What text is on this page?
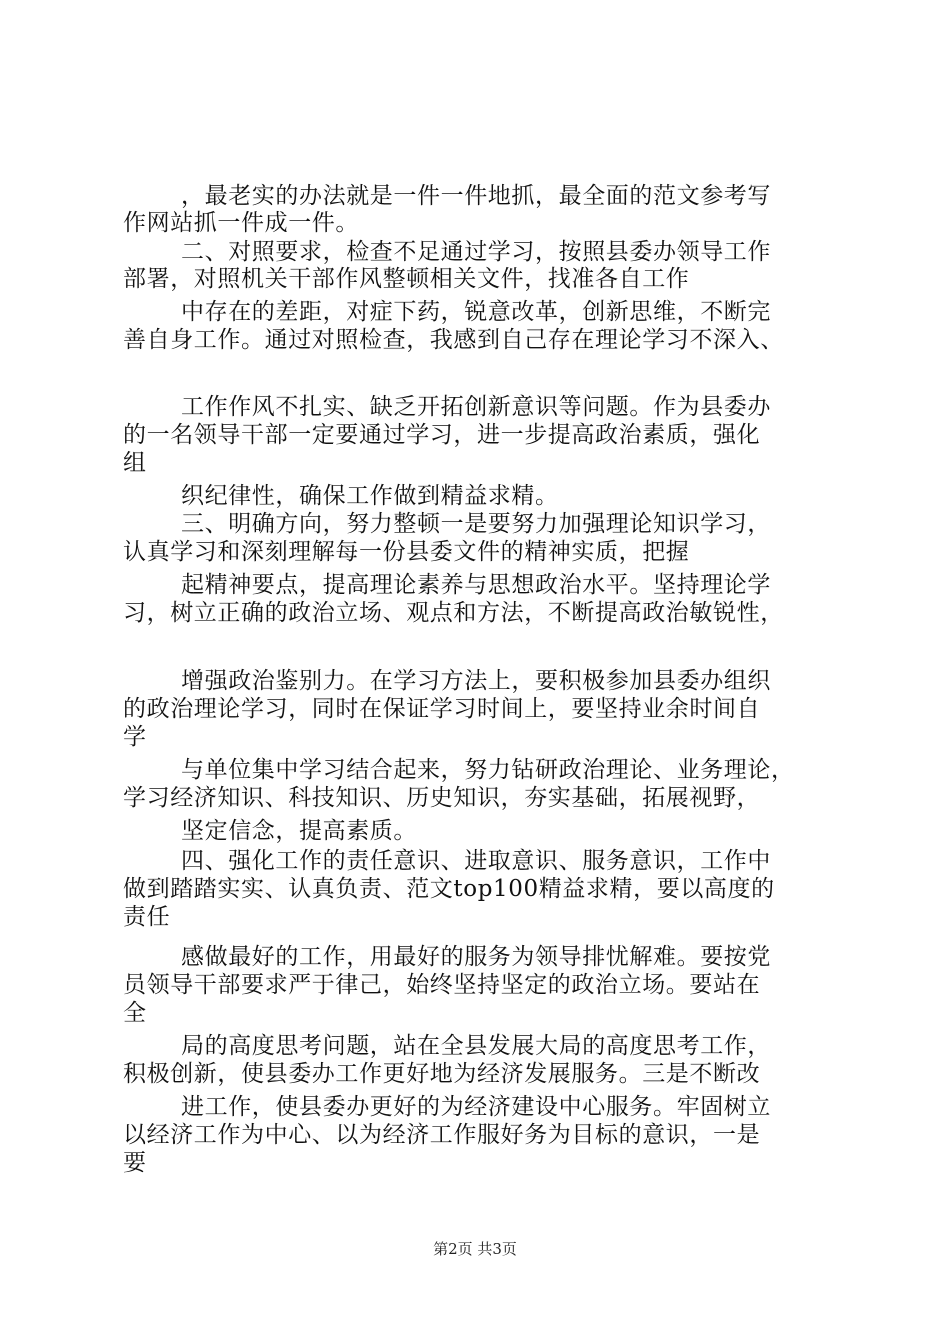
，最老实的办法就是一件一件地抓，最全面的范文参考写
作网站抓一件成一件。
二、对照要求，检查不足通过学习，按照县委办领导工作
部署，对照机关干部作风整顿相关文件，找准各自工作
中存在的差距，对症下药，锐意改革，创新思维，不断完
善自身工作。通过对照检查，我感到自己存在理论学习不深入、
工作作风不扎实、缺乏开拓创新意识等问题。作为县委办
的一名领导干部一定要通过学习，进一步提高政治素质，强化
组
织纪律性，确保工作做到精益求精。
三、明确方向，努力整顿一是要努力加强理论知识学习，
认真学习和深刻理解每一份县委文件的精神实质，把握
起精神要点，提高理论素养与思想政治水平。坚持理论学
习，树立正确的政治立场、观点和方法，不断提高政治敏锐性，
增强政治鉴别力。在学习方法上，要积极参加县委办组织
的政治理论学习，同时在保证学习时间上，要坚持业余时间自
学
与单位集中学习结合起来，努力钻研政治理论、业务理论，
学习经济知识、科技知识、历史知识，夯实基础，拓展视野，
坚定信念，提高素质。
四、强化工作的责任意识、进取意识、服务意识，工作中
做到踏踏实实、认真负责、范文top100精益求精，要以高度的
责任
感做最好的工作，用最好的服务为领导排忧解难。要按党
员领导干部要求严于律己，始终坚持坚定的政治立场。要站在
全
局的高度思考问题，站在全县发展大局的高度思考工作，
积极创新，使县委办工作更好地为经济发展服务。三是不断改
进工作，使县委办更好的为经济建设中心服务。牢固树立
以经济工作为中心、以为经济工作服好务为目标的意识，一是
要
第2页 共3页
